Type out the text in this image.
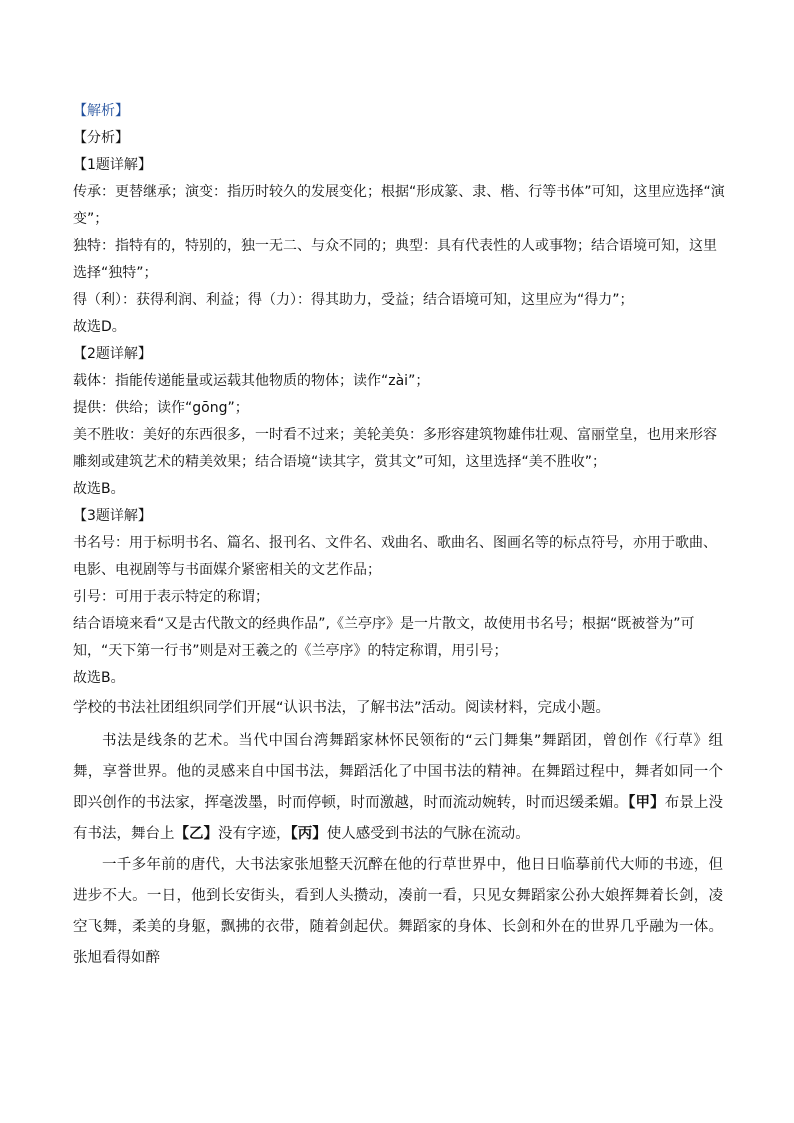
【解析】
【分析】
【1题详解】
传承：更替继承；演变：指历时较久的发展变化；根据“形成篆、隶、楷、行等书体”可知，这里应选择“演
变”；
独特：指特有的，特别的，独一无二、与众不同的；典型：具有代表性的人或事物；结合语境可知，这里
选择“独特”；
得（利）：获得利润、利益；得（力）：得其助力，受益；结合语境可知，这里应为“得力”；
故选D。
【2题详解】
载体：指能传递能量或运载其他物质的物体；读作“zài”；
提供：供给；读作“gōng”；
美不胜收：美好的东西很多，一时看不过来；美轮美奂：多形容建筑物雄伟壮观、富丽堂皇，也用来形容
雕刻或建筑艺术的精美效果；结合语境“读其字，赏其文”可知，这里选择“美不胜收”；
故选B。
【3题详解】
书名号：用于标明书名、篇名、报刊名、文件名、戏曲名、歌曲名、图画名等的标点符号，亦用于歌曲、
电影、电视剧等与书面媒介紧密相关的文艺作品；
引号：可用于表示特定的称谓；
结合语境来看“又是古代散文的经典作品”,《兰亭序》是一片散文，故使用书名号；根据“既被誉为”可
知，“天下第一行书”则是对王羲之的《兰亭序》的特定称谓，用引号；
故选B。
学校的书法社团组织同学们开展“认识书法，了解书法”活动。阅读材料，完成小题。

书法是线条的艺术。当代中国台湾舞蹈家林怀民领衔的“云门舞集”舞蹈团，曾创作《行草》组舞，享誉世界。他的灵感来自中国书法，舞蹈活化了中国书法的精神。在舞蹈过程中，舞者如同一个即兴创作的书法家，挥毫泼墨，时而停顿，时而激越，时而流动婉转，时而迟缓柔媚。【甲】布景上没有书法，舞台上【乙】没有字迹，【丙】使人感受到书法的气脉在流动。

一千多年前的唐代，大书法家张旭整天沉醉在他的行草世界中，他日日临摹前代大师的书迹，但进步不大。一日，他到长安街头，看到人头攒动，凑前一看，只见女舞蹈家公孙大娘挥舞着长剑，凌空飞舞，柔美的身躯，飘拂的衣带，随着剑起伏。舞蹈家的身体、长剑和外在的世界几乎融为一体。张旭看得如醉
